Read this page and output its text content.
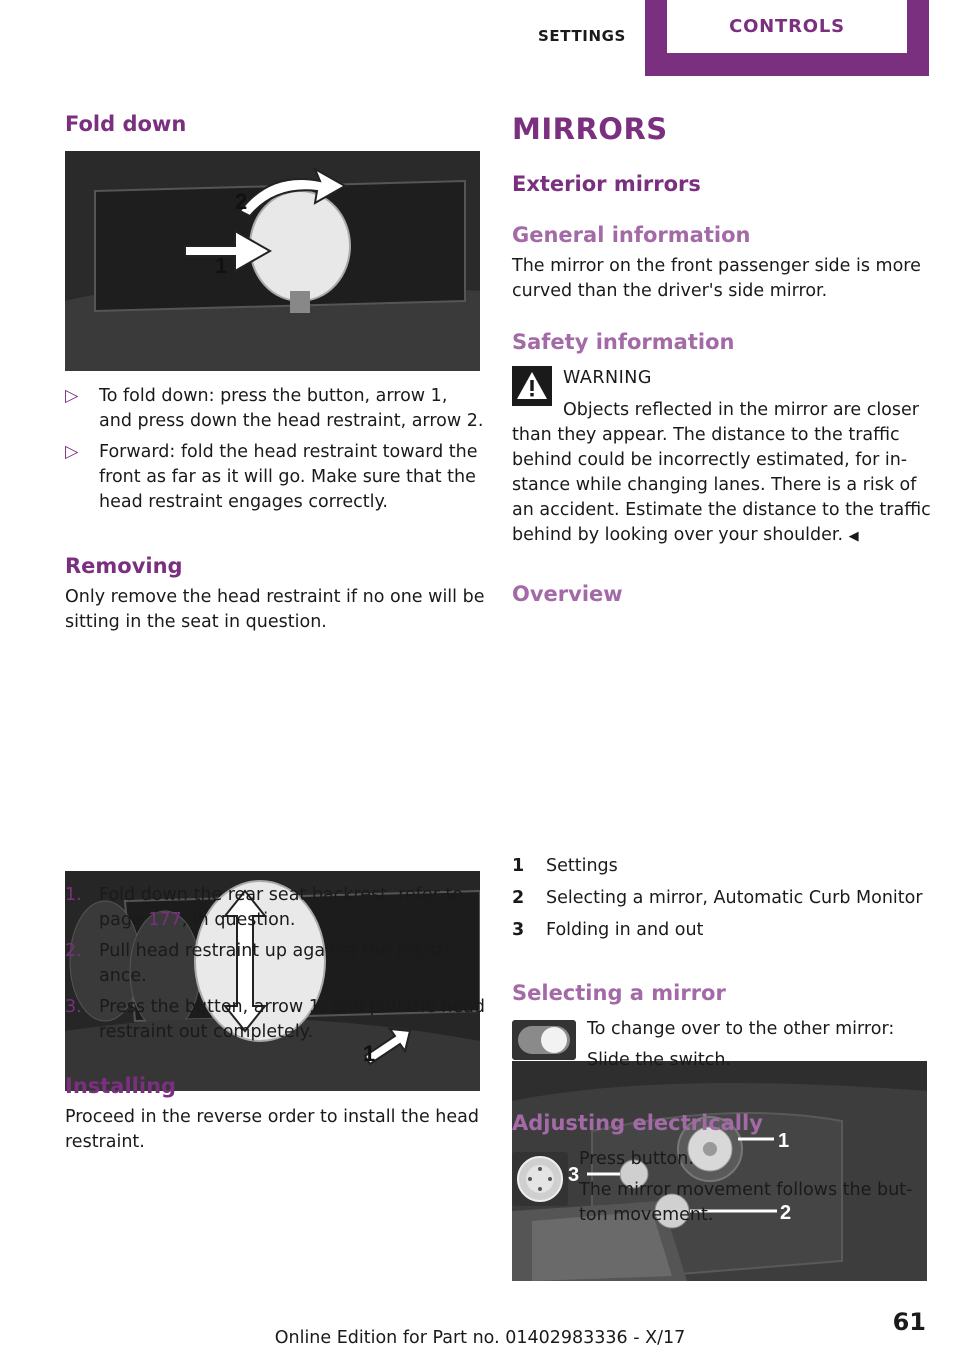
SETTINGS	CONTROLS
Fold down
1
2
▷ To fold down: press the button, arrow 1, and press down the head restraint, arrow 2.
▷ Forward: fold the head restraint toward the front as far as it will go. Make sure that the head restraint engages correctly.
Removing
Only remove the head restraint if no one will be sitting in the seat in question.
1
1. Fold down the rear seat backrest, refer to page 177, in question.
2. Pull head restraint up against the resist‐ance.
3. Press the button, arrow 1, and pull the head restraint out completely.
Installing
Proceed in the reverse order to install the head restraint.
MIRRORS
Exterior mirrors
General information
The mirror on the front passenger side is more curved than the driver's side mirror.
Safety information
WARNING
Objects reflected in the mirror are closer
than they appear. The distance to the traffic behind could be incorrectly estimated, for in‐stance while changing lanes. There is a risk of an accident. Estimate the distance to the traffic behind by looking over your shoulder. ◀
Overview
1
2
3
1 Settings
2 Selecting a mirror, Automatic Curb Monitor
3 Folding in and out
Selecting a mirror
To change over to the other mirror:
Slide the switch.
Adjusting electrically
Press button.
The mirror movement follows the but‐ton movement.
61
Online Edition for Part no. 01402983336 - X/17
